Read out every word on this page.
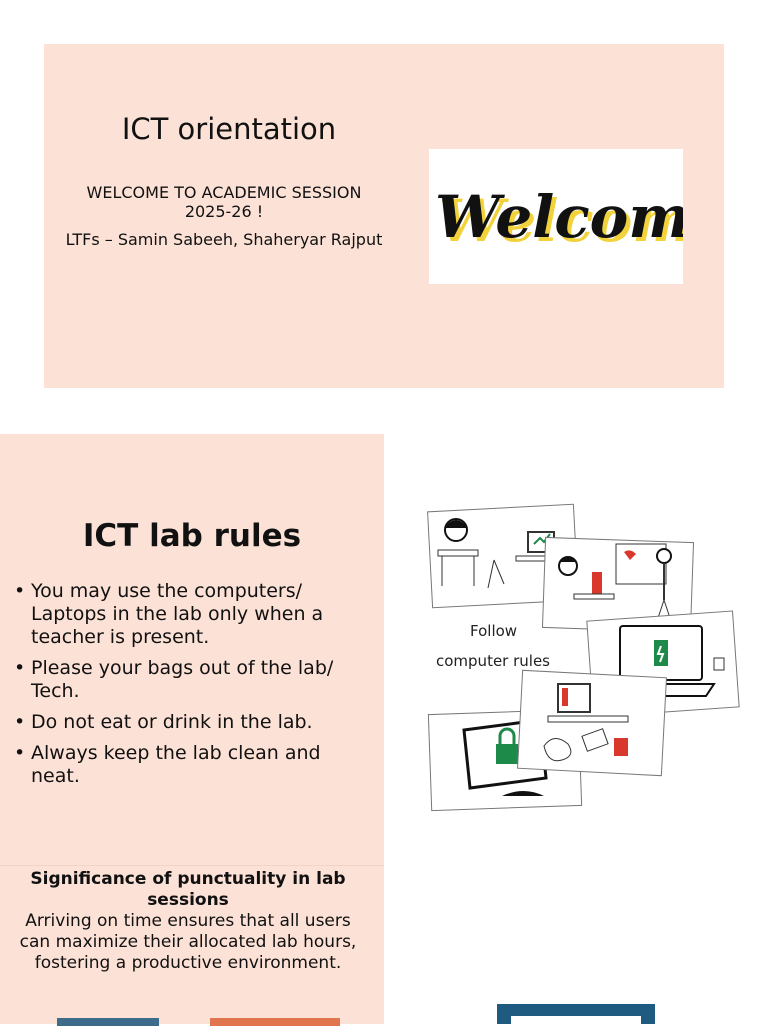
ICT orientation
WELCOME TO ACADEMIC SESSION 2025-26 !
LTFs – Samin Sabeeh, Shaheryar Rajput Welco
Welcom
ICT lab rules
• You may use the computers/ Laptops in the lab only when a teacher is present.
• Please your bags out of the lab/ Tech.
• Do not eat or drink in the lab.
• Always keep the lab clean and neat.
Significance of punctuality in lab sessions
Arriving on time ensures that all users can maximize their allocated lab hours, fostering a productive environment.
Follow
computer rules
